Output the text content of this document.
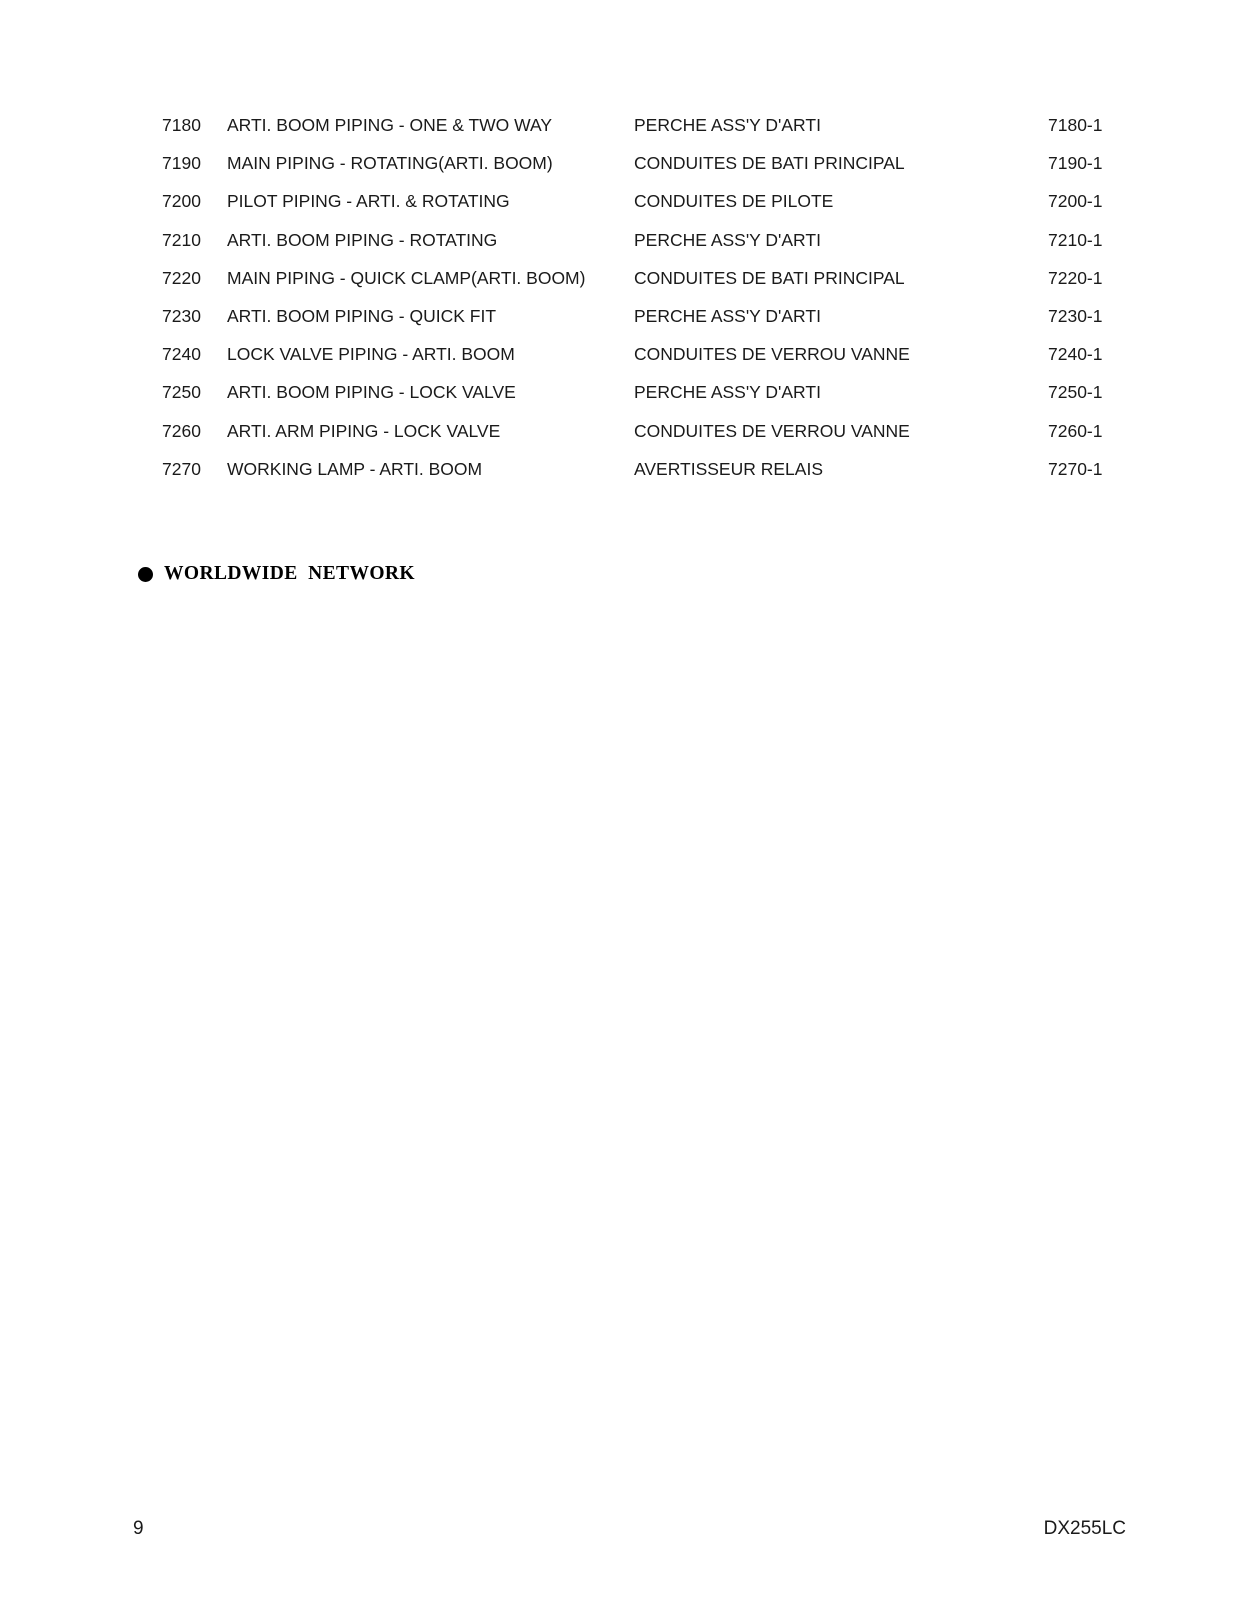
7180 ARTI. BOOM PIPING - ONE & TWO WAY	PERCHE ASS'Y D'ARTI	7180-1
7190 MAIN PIPING - ROTATING(ARTI. BOOM)	CONDUITES DE BATI PRINCIPAL	7190-1
7200 PILOT PIPING - ARTI. & ROTATING	CONDUITES DE PILOTE	7200-1
7210 ARTI. BOOM PIPING - ROTATING	PERCHE ASS'Y D'ARTI	7210-1
7220 MAIN PIPING - QUICK CLAMP(ARTI. BOOM)	CONDUITES DE BATI PRINCIPAL	7220-1
7230 ARTI. BOOM PIPING - QUICK FIT	PERCHE ASS'Y D'ARTI	7230-1
7240 LOCK VALVE PIPING - ARTI. BOOM	CONDUITES DE VERROU VANNE	7240-1
7250 ARTI. BOOM PIPING - LOCK VALVE	PERCHE ASS'Y D'ARTI	7250-1
7260 ARTI. ARM PIPING - LOCK VALVE	CONDUITES DE VERROU VANNE	7260-1
7270 WORKING LAMP - ARTI. BOOM	AVERTISSEUR RELAIS	7270-1
WORLDWIDE  NETWORK
9	DX255LC
